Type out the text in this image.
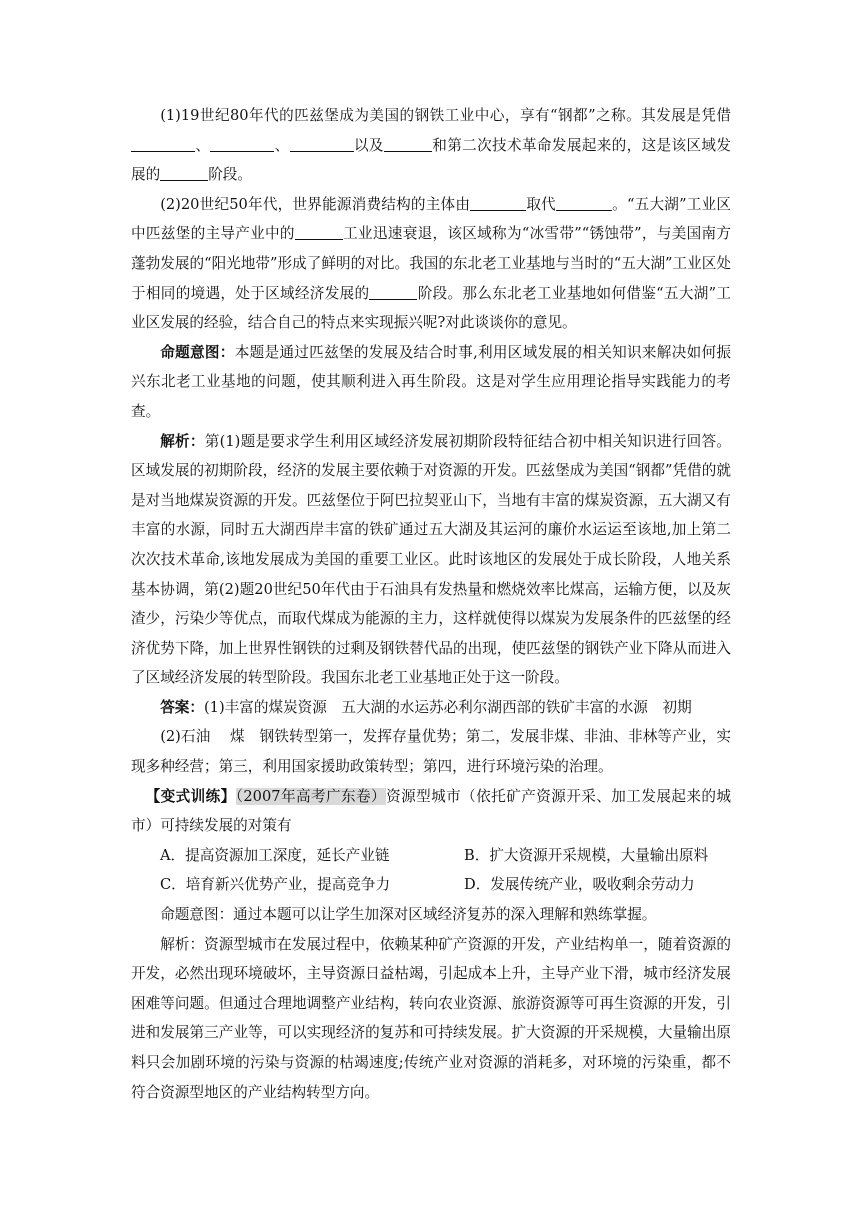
(1)19世纪80年代的匹兹堡成为美国的钢铁工业中心，享有“钢都”之称。其发展是凭借、	、	以及	和第二次技术革命发展起来的，这是该区域发展的	阶段。

(2)20世纪50年代，世界能源消费结构的主体由	取代	。“五大湖”工业区中匹兹堡的主导产业中的	工业迅速衰退，该区域称为“冰雪带”“锈蚀带”，与美国南方蓬勃发展的“阳光地带”形成了鲜明的对比。我国的东北老工业基地与当时的“五大湖”工业区处于相同的境遇，处于区域经济发展的	阶段。那么东北老工业基地如何借鉴“五大湖”工业区发展的经验，结合自己的特点来实现振兴呢?对此谈谈你的意见。

命题意图：本题是通过匹兹堡的发展及结合时事,利用区域发展的相关知识来解决如何振兴东北老工业基地的问题，使其顺利进入再生阶段。这是对学生应用理论指导实践能力的考查。

解析：第(1)题是要求学生利用区域经济发展初期阶段特征结合初中相关知识进行回答。区域发展的初期阶段，经济的发展主要依赖于对资源的开发。匹兹堡成为美国“钢都”凭借的就是对当地煤炭资源的开发。匹兹堡位于阿巴拉契亚山下，当地有丰富的煤炭资源，五大湖又有丰富的水源，同时五大湖西岸丰富的铁矿通过五大湖及其运河的廉价水运运至该地,加上第二次次技术革命,该地发展成为美国的重要工业区。此时该地区的发展处于成长阶段，人地关系基本协调，第(2)题20世纪50年代由于石油具有发热量和燃烧效率比煤高，运输方便，以及灰渣少，污染少等优点，而取代煤成为能源的主力，这样就使得以煤炭为发展条件的匹兹堡的经济优势下降，加上世界性钢铁的过剩及钢铁替代品的出现，使匹兹堡的钢铁产业下降从而进入了区域经济发展的转型阶段。我国东北老工业基地正处于这一阶段。

答案：(1)丰富的煤炭资源　五大湖的水运苏必利尔湖西部的铁矿丰富的水源　初期

(2)石油　 煤　钢铁转型第一，发挥存量优势；第二，发展非煤、非油、非林等产业，实现多种经营；第三，利用国家援助政策转型；第四，进行环境污染的治理。

【变式训练】（2007年高考广东卷）资源型城市（依托矿产资源开采、加工发展起来的城市）可持续发展的对策有

A．提高资源加工深度，延长产业链	B．扩大资源开采规模，大量输出原料
C．培育新兴优势产业，提高竞争力	D．发展传统产业，吸收剩余劳动力

命题意图：通过本题可以让学生加深对区域经济复苏的深入理解和熟练掌握。

解析：资源型城市在发展过程中，依赖某种矿产资源的开发，产业结构单一，随着资源的开发，必然出现环境破坏，主导资源日益枯竭，引起成本上升，主导产业下滑，城市经济发展困难等问题。但通过合理地调整产业结构，转向农业资源、旅游资源等可再生资源的开发，引进和发展第三产业等，可以实现经济的复苏和可持续发展。扩大资源的开采规模，大量输出原料只会加剧环境的污染与资源的枯竭速度;传统产业对资源的消耗多，对环境的污染重，都不符合资源型地区的产业结构转型方向。
